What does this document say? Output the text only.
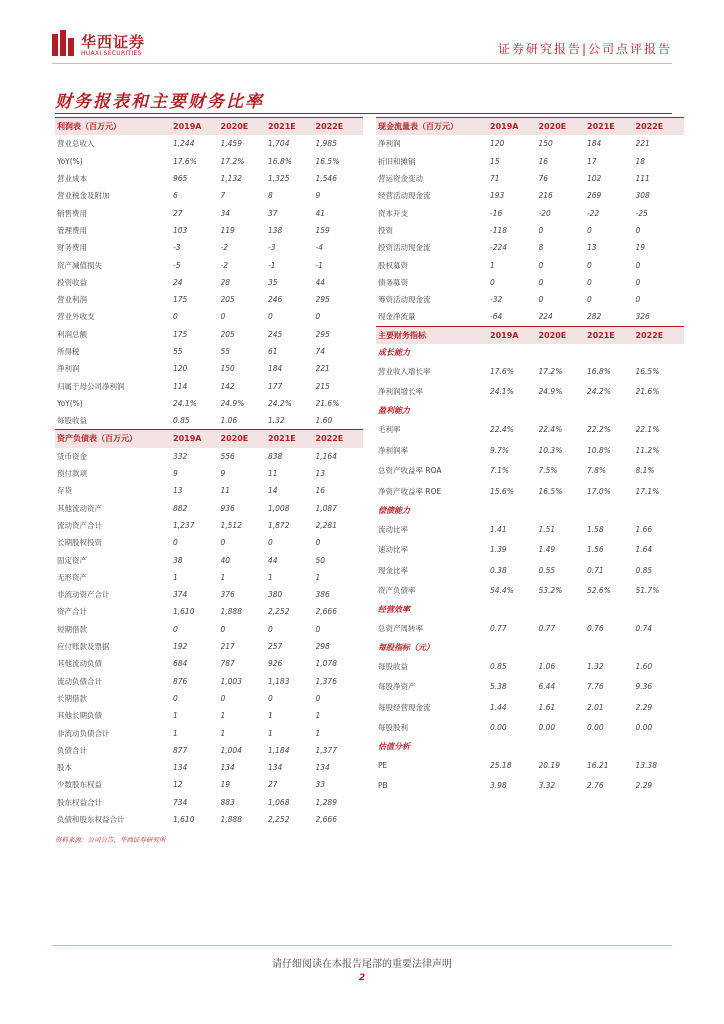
华西证券
HUAXI SECURITIES	证券研究报告|公司点评报告
财务报表和主要财务比率
利润表（百万元）	2019A	2020E	2021E	2022E
营业总收入	1,244	1,459	1,704	1,985
YoY(%)	17.6%	17.2%	16.8%	16.5%
营业成本	965	1,132	1,325	1,546
营业税金及附加	6	7	8	9
销售费用	27	34	37	41
管理费用	103	119	138	159
财务费用	-3	-2	-3	-4
资产减值损失	-5	-2	-1	-1
投资收益	24	28	35	44
营业利润	175	205	246	295
营业外收支	0	0	0	0
利润总额	175	205	245	295
所得税	55	55	61	74
净利润	120	150	184	221
归属于母公司净利润	114	142	177	215
YoY(%)	24.1%	24.9%	24.2%	21.6%
每股收益	0.85	1.06	1.32	1.60
资产负债表（百万元）	2019A	2020E	2021E	2022E
货币资金	332	556	838	1,164
预付款项	9	9	11	13
存货	13	11	14	16
其他流动资产	882	936	1,008	1,087
流动资产合计	1,237	1,512	1,872	2,281
长期股权投资	0	0	0	0
固定资产	38	40	44	50
无形资产	1	1	1	1
非流动资产合计	374	376	380	386
资产合计	1,610	1,888	2,252	2,666
短期借款	0	0	0	0
应付账款及票据	192	217	257	298
其他流动负债	684	787	926	1,078
流动负债合计	876	1,003	1,183	1,376
长期借款	0	0	0	0
其他长期负债	1	1	1	1
非流动负债合计	1	1	1	1
负债合计	877	1,004	1,184	1,377
股本	134	134	134	134
少数股东权益	12	19	27	33
股东权益合计	734	883	1,068	1,289
负债和股东权益合计	1,610	1,888	2,252	2,666
现金流量表（百万元）	2019A	2020E	2021E	2022E
净利润	120	150	184	221
折旧和摊销	15	16	17	18
营运资金变动	71	76	102	111
经营活动现金流	193	216	269	308
资本开支	-16	-20	-22	-25
投资	-118	0	0	0
投资活动现金流	-224	8	13	19
股权募资	1	0	0	0
债务募资	0	0	0	0
筹资活动现金流	-32	0	0	0
现金净流量	-64	224	282	326
主要财务指标	2019A	2020E	2021E	2022E
成长能力				
营业收入增长率	17.6%	17.2%	16.8%	16.5%
净利润增长率	24.1%	24.9%	24.2%	21.6%
盈利能力				
毛利率	22.4%	22.4%	22.2%	22.1%
净利润率	9.7%	10.3%	10.8%	11.2%
总资产收益率 ROA	7.1%	7.5%	7.8%	8.1%
净资产收益率 ROE	15.6%	16.5%	17.0%	17.1%
偿债能力				
流动比率	1.41	1.51	1.58	1.66
速动比率	1.39	1.49	1.56	1.64
现金比率	0.38	0.55	0.71	0.85
资产负债率	54.4%	53.2%	52.6%	51.7%
经营效率				
总资产周转率	0.77	0.77	0.76	0.74
每股指标（元）				
每股收益	0.85	1.06	1.32	1.60
每股净资产	5.38	6.44	7.76	9.36
每股经营现金流	1.44	1.61	2.01	2.29
每股股利	0.00	0.00	0.00	0.00
估值分析				
PE	25.18	20.19	16.21	13.38
PB	3.98	3.32	2.76	2.29
资料来源：公司公告，华西证券研究所
请仔细阅读在本报告尾部的重要法律声明
2
